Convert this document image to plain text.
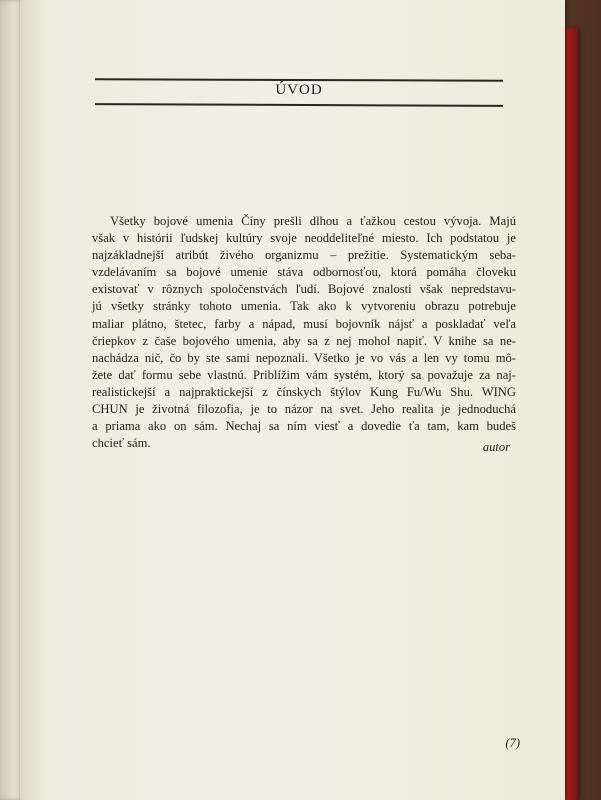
ÚVOD
Všetky bojové umenia Číny prešli dlhou a ťažkou cestou vývoja. Majú
však v histórii ľudskej kultúry svoje neoddeliteľné miesto. Ich podstatou je
najzákladnejší atribút živého organizmu – prežitie. Systematickým seba-
vzdelávaním sa bojové umenie stáva odbornosťou, ktorá pomáha človeku
existovať v rôznych spoločenstvách ľudí. Bojové znalosti však nepredstavu-
jú všetky stránky tohoto umenia. Tak ako k vytvoreniu obrazu potrebuje
maliar plátno, štetec, farby a nápad, musí bojovník nájsť a poskladať veľa
čriepkov z čaše bojového umenia, aby sa z nej mohol napiť. V knihe sa ne-
nachádza nič, čo by ste sami nepoznali. Všetko je vo vás a len vy tomu mô-
žete dať formu sebe vlastnú. Priblížim vám systém, ktorý sa považuje za naj-
realistickejší a najpraktickejší z čínskych štýlov Kung Fu/Wu Shu. WING
CHUN je životná filozofia, je to názor na svet. Jeho realita je jednoduchá
a priama ako on sám. Nechaj sa ním viesť a dovedie ťa tam, kam budeš
chcieť sám.	autor
(7)
